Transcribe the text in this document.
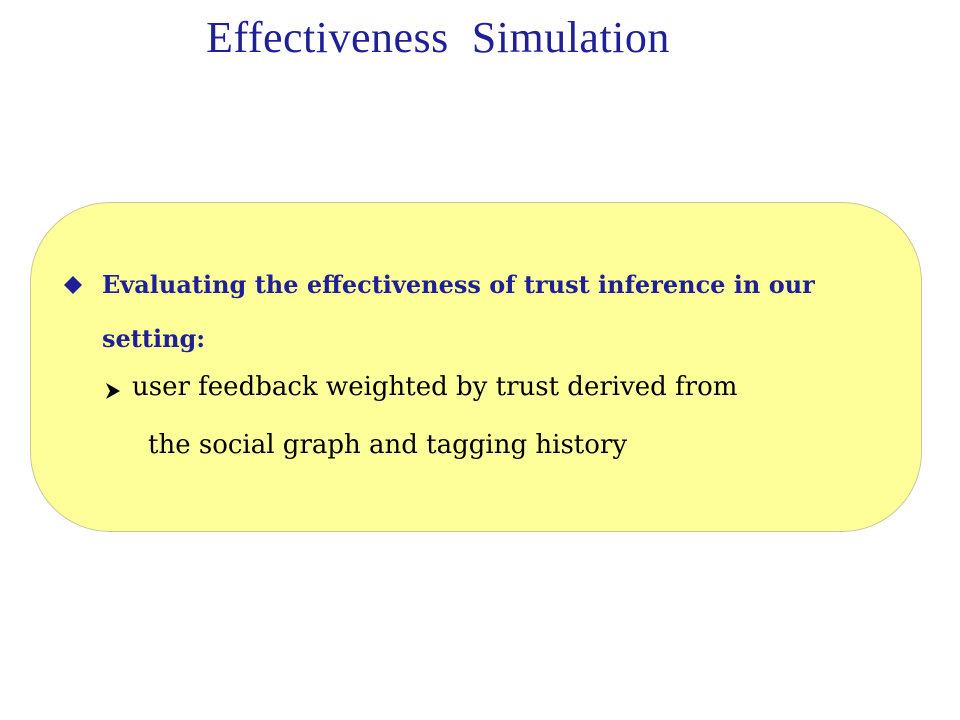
Effectiveness  Simulation
Evaluating the effectiveness of trust inference in our setting:
user feedback weighted by trust derived from
the social graph and tagging history
